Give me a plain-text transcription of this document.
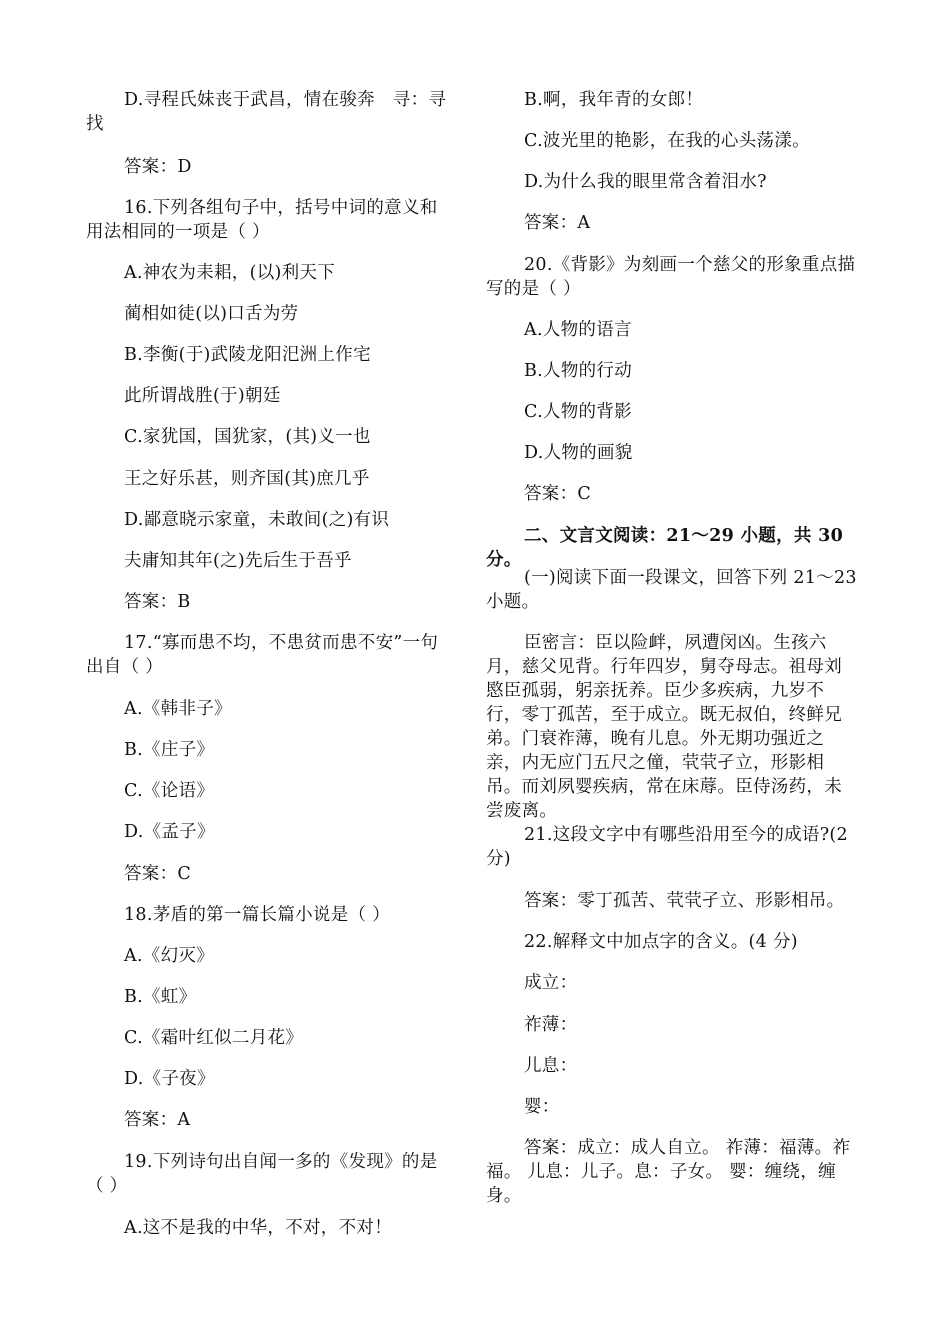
D.寻程氏妹丧于武昌，情在骏奔　寻：寻找

答案：D

16.下列各组句子中，括号中词的意义和用法相同的一项是（ ）

A.神农为耒耜，(以)利天下

蔺相如徒(以)口舌为劳

B.李衡(于)武陵龙阳汜洲上作宅

此所谓战胜(于)朝廷

C.家犹国，国犹家，(其)义一也

王之好乐甚，则齐国(其)庶几乎

D.鄙意晓示家童，未敢间(之)有识

夫庸知其年(之)先后生于吾乎

答案：B

17.“寡而患不均，不患贫而患不安”一句出自（ ）

A.《韩非子》

B.《庄子》

C.《论语》

D.《孟子》

答案：C

18.茅盾的第一篇长篇小说是（ ）

A.《幻灭》

B.《虹》

C.《霜叶红似二月花》

D.《子夜》

答案：A

19.下列诗句出自闻一多的《发现》的是（ ）

A.这不是我的中华，不对，不对！

B.啊，我年青的女郎！

C.波光里的艳影，在我的心头荡漾。

D.为什么我的眼里常含着泪水?

答案：A

20.《背影》为刻画一个慈父的形象重点描写的是（ ）

A.人物的语言

B.人物的行动

C.人物的背影

D.人物的画貌

答案：C

二、文言文阅读：21～29 小题，共 30 分。

(一)阅读下面一段课文，回答下列 21～23 小题。

臣密言：臣以险衅，夙遭闵凶。生孩六月，慈父见背。行年四岁，舅夺母志。祖母刘愍臣孤弱，躬亲抚养。臣少多疾病，九岁不行，零丁孤苦，至于成立。既无叔伯，终鲜兄弟。门衰祚薄，晚有儿息。外无期功强近之亲，内无应门五尺之僮，茕茕孑立，形影相吊。而刘夙婴疾病，常在床蓐。臣侍汤药，未尝废离。

21.这段文字中有哪些沿用至今的成语?(2 分)

答案：零丁孤苦、茕茕孑立、形影相吊。

22.解释文中加点字的含义。(4 分)

成立：

祚薄：

儿息：

婴：

答案：成立：成人自立。 祚薄：福薄。祚福。 儿息：儿子。息：子女。 婴：缠绕，缠身。
